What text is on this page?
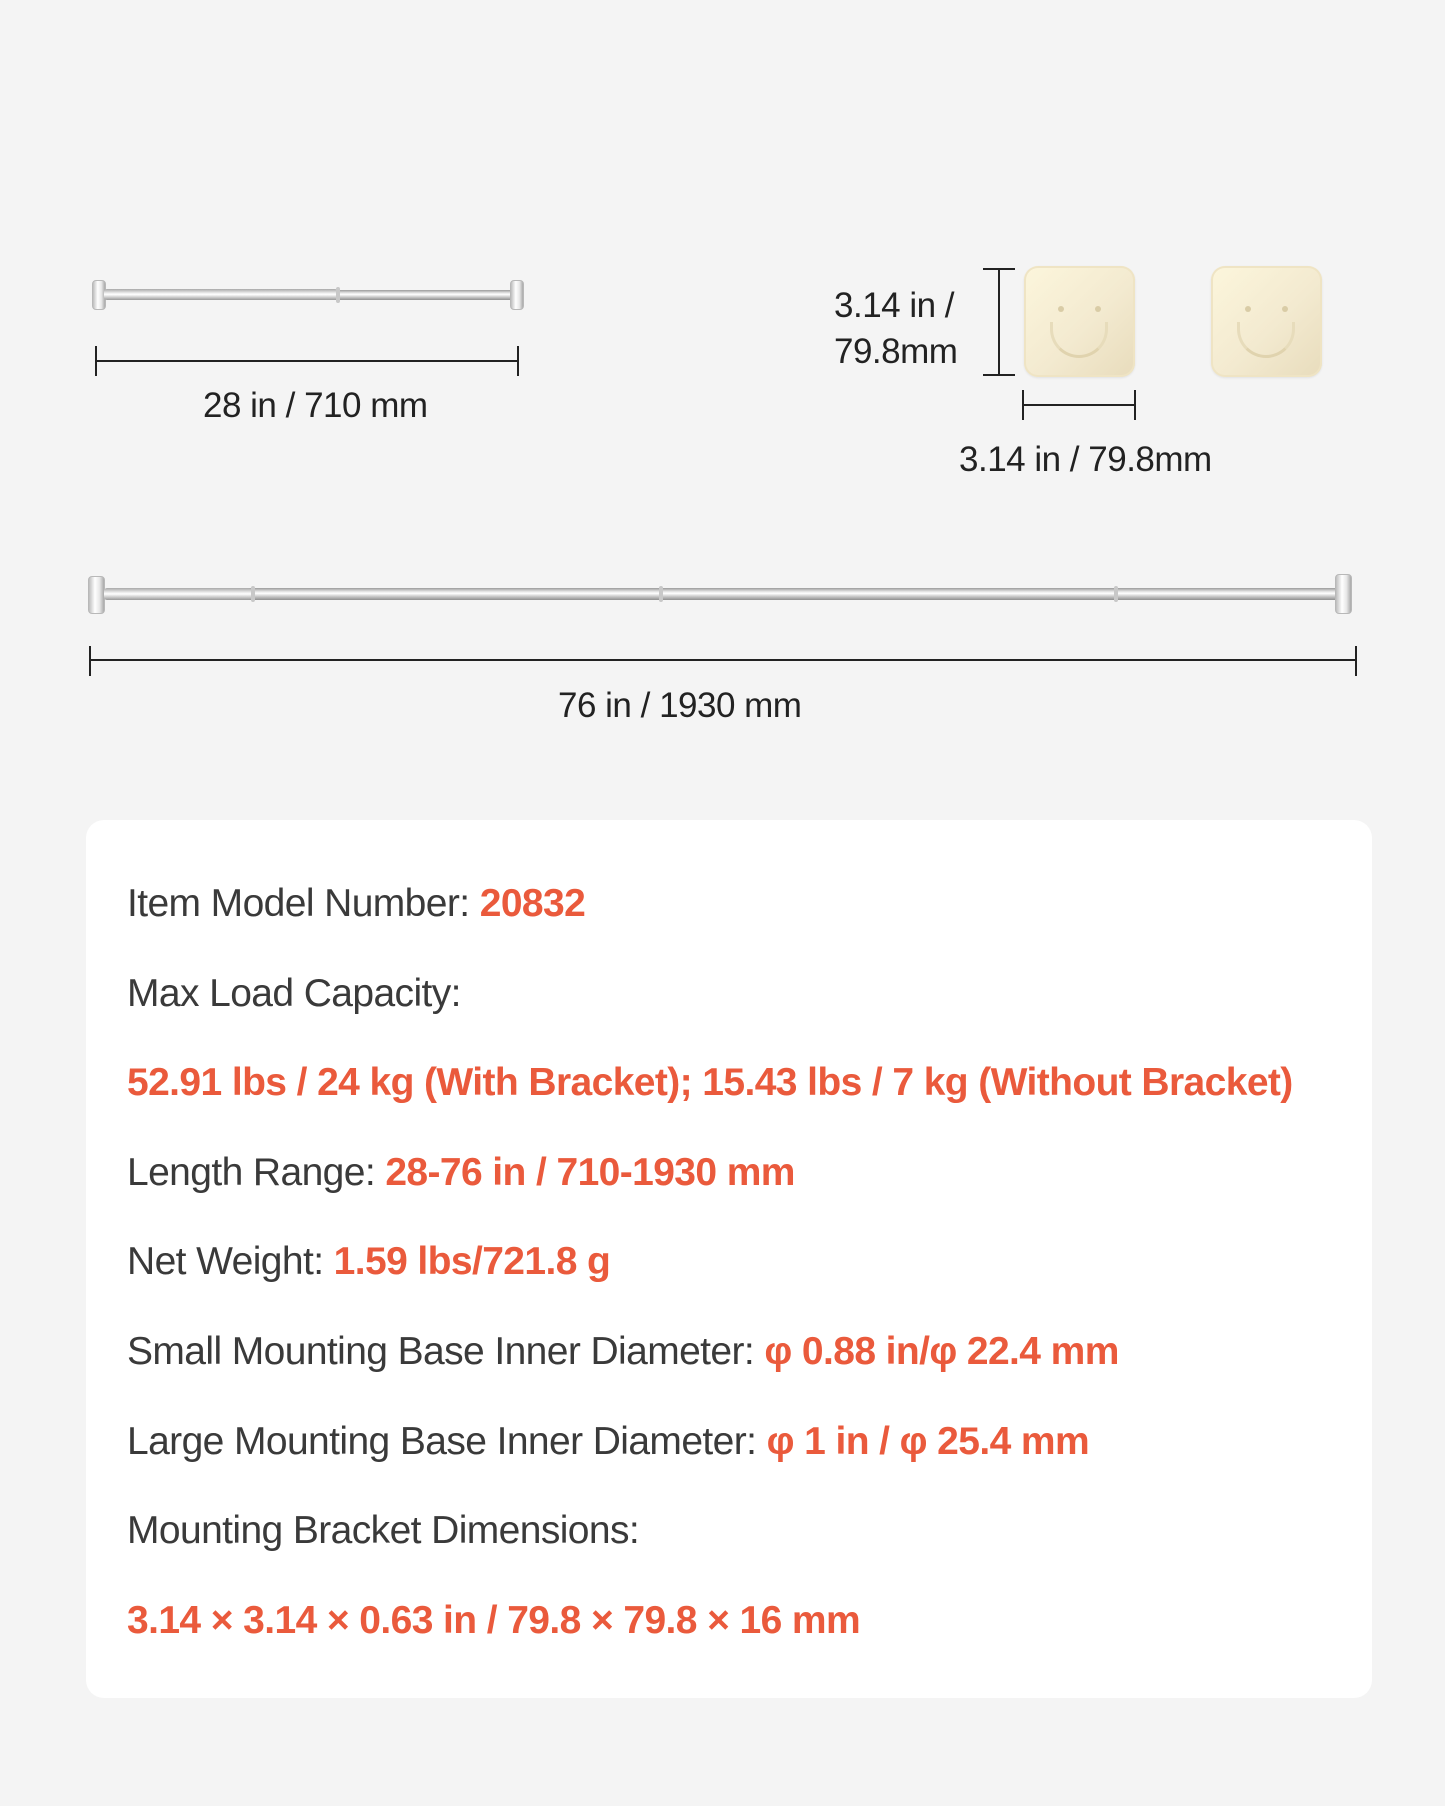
28 in / 710 mm
3.14 in /
79.8mm
3.14 in / 79.8mm
76 in / 1930 mm
Item Model Number: 20832
Max Load Capacity:
52.91 lbs / 24 kg (With Bracket); 15.43 lbs / 7 kg (Without Bracket)
Length Range: 28-76 in / 710-1930 mm
Net Weight: 1.59 lbs/721.8 g
Small Mounting Base Inner Diameter: φ 0.88 in/φ 22.4 mm
Large Mounting Base Inner Diameter: φ 1 in / φ 25.4 mm
Mounting Bracket Dimensions:
3.14 × 3.14 × 0.63 in / 79.8 × 79.8 × 16 mm
